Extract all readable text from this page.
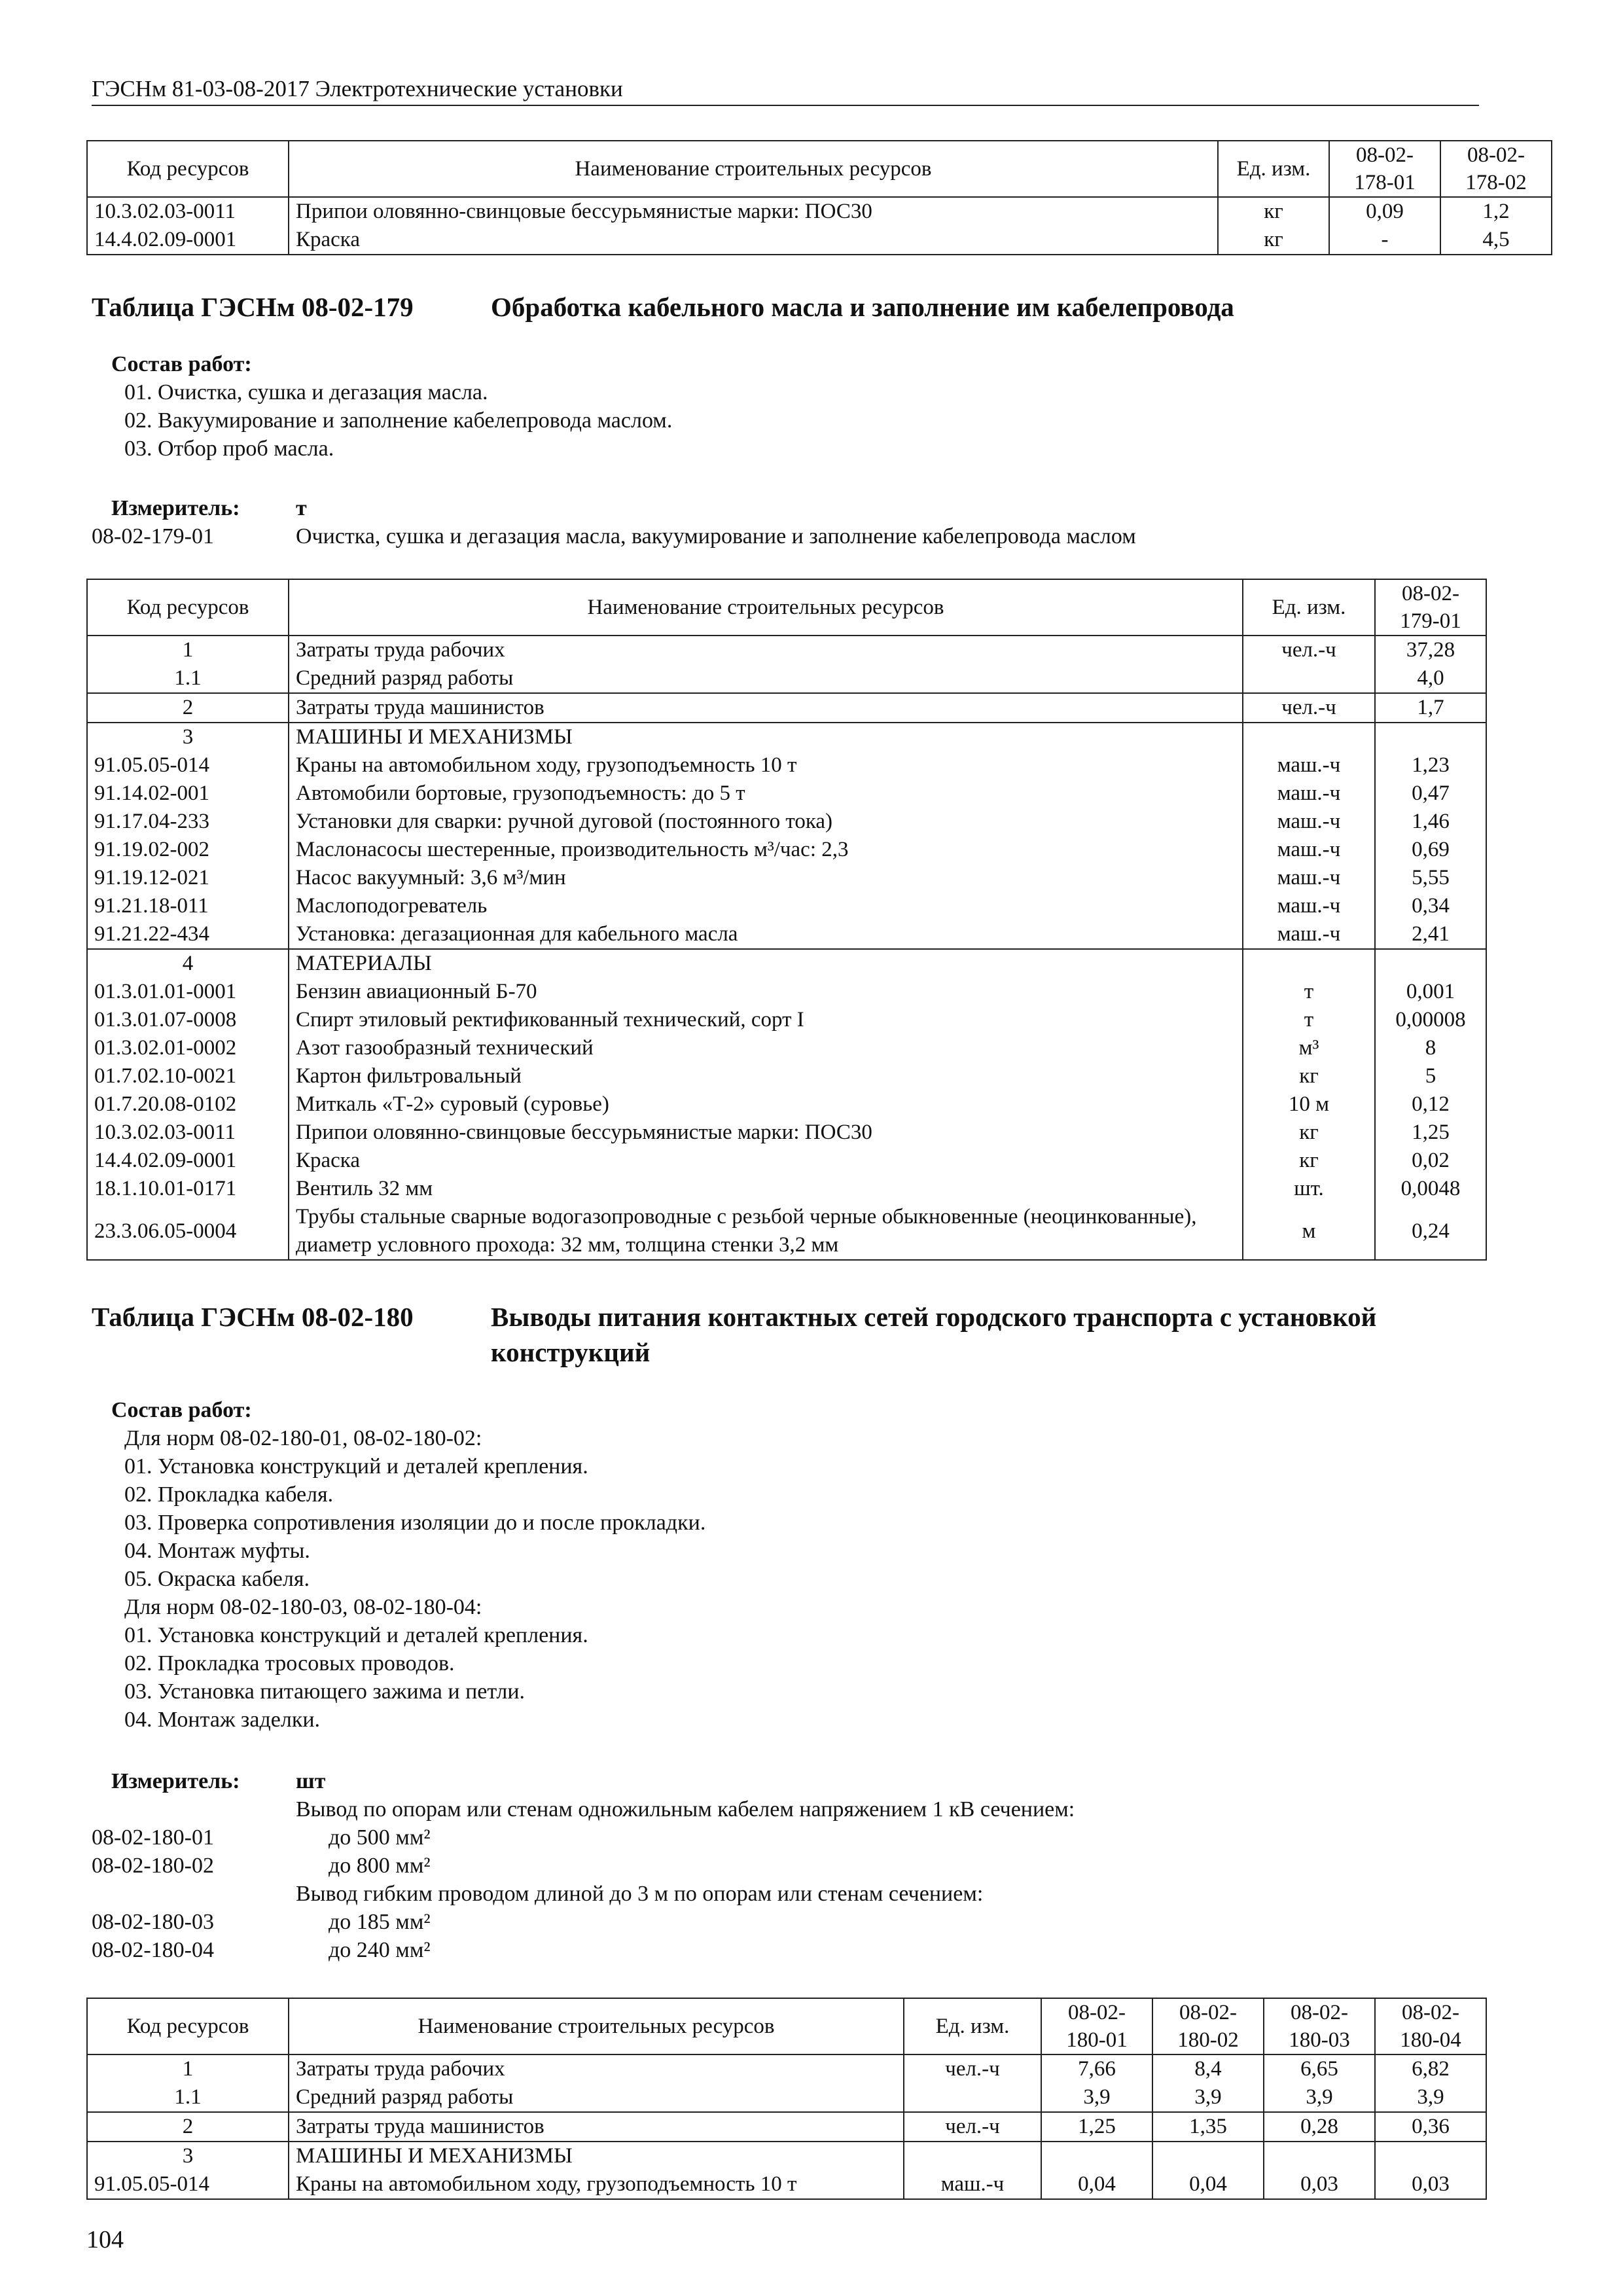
ГЭСНм 81-03-08-2017 Электротехнические установки
Код ресурсов	Наименование строительных ресурсов	Ед. изм.	08-02-
178-01	08-02-
178-02
10.3.02.03-0011	Припои оловянно-свинцовые бессурьмянистые марки: ПОС30	кг	0,09	1,2
14.4.02.09-0001	Краска	кг	-	4,5
Таблица ГЭСНм 08-02-179	Обработка кабельного масла и заполнение им кабелепровода
Состав работ:
01. Очистка, сушка и дегазация масла.
02. Вакуумирование и заполнение кабелепровода маслом.
03. Отбор проб масла.
Измеритель:	т
08-02-179-01	Очистка, сушка и дегазация масла, вакуумирование и заполнение кабелепровода маслом
Код ресурсов	Наименование строительных ресурсов	Ед. изм.	08-02-
179-01
1	Затраты труда рабочих	чел.-ч	37,28
1.1	Средний разряд работы		4,0
2	Затраты труда машинистов	чел.-ч	1,7
3	МАШИНЫ И МЕХАНИЗМЫ		
91.05.05-014	Краны на автомобильном ходу, грузоподъемность 10 т	маш.-ч	1,23
91.14.02-001	Автомобили бортовые, грузоподъемность: до 5 т	маш.-ч	0,47
91.17.04-233	Установки для сварки: ручной дуговой (постоянного тока)	маш.-ч	1,46
91.19.02-002	Маслонасосы шестеренные, производительность м³/час: 2,3	маш.-ч	0,69
91.19.12-021	Насос вакуумный: 3,6 м³/мин	маш.-ч	5,55
91.21.18-011	Маслоподогреватель	маш.-ч	0,34
91.21.22-434	Установка: дегазационная для кабельного масла	маш.-ч	2,41
4	МАТЕРИАЛЫ		
01.3.01.01-0001	Бензин авиационный Б-70	т	0,001
01.3.01.07-0008	Спирт этиловый ректификованный технический, сорт I	т	0,00008
01.3.02.01-0002	Азот газообразный технический	м³	8
01.7.02.10-0021	Картон фильтровальный	кг	5
01.7.20.08-0102	Миткаль «Т-2» суровый (суровье)	10 м	0,12
10.3.02.03-0011	Припои оловянно-свинцовые бессурьмянистые марки: ПОС30	кг	1,25
14.4.02.09-0001	Краска	кг	0,02
18.1.10.01-0171	Вентиль 32 мм	шт.	0,0048
23.3.06.05-0004	Трубы стальные сварные водогазопроводные с резьбой черные обыкновенные (неоцинкованные), диаметр условного прохода: 32 мм, толщина стенки 3,2 мм	м	0,24
Таблица ГЭСНм 08-02-180	Выводы питания контактных сетей городского транспорта с установкой конструкций
Состав работ:
Для норм 08-02-180-01, 08-02-180-02:
01. Установка конструкций и деталей крепления.
02. Прокладка кабеля.
03. Проверка сопротивления изоляции до и после прокладки.
04. Монтаж муфты.
05. Окраска кабеля.
Для норм 08-02-180-03, 08-02-180-04:
01. Установка конструкций и деталей крепления.
02. Прокладка тросовых проводов.
03. Установка питающего зажима и петли.
04. Монтаж заделки.
Измеритель:	шт
Вывод по опорам или стенам одножильным кабелем напряжением 1 кВ сечением:
08-02-180-01	до 500 мм²
08-02-180-02	до 800 мм²
Вывод гибким проводом длиной до 3 м по опорам или стенам сечением:
08-02-180-03	до 185 мм²
08-02-180-04	до 240 мм²
Код ресурсов	Наименование строительных ресурсов	Ед. изм.	08-02-
180-01	08-02-
180-02	08-02-
180-03	08-02-
180-04
1	Затраты труда рабочих	чел.-ч	7,66	8,4	6,65	6,82
1.1	Средний разряд работы		3,9	3,9	3,9	3,9
2	Затраты труда машинистов	чел.-ч	1,25	1,35	0,28	0,36
3	МАШИНЫ И МЕХАНИЗМЫ					
91.05.05-014	Краны на автомобильном ходу, грузоподъемность 10 т	маш.-ч	0,04	0,04	0,03	0,03
104
